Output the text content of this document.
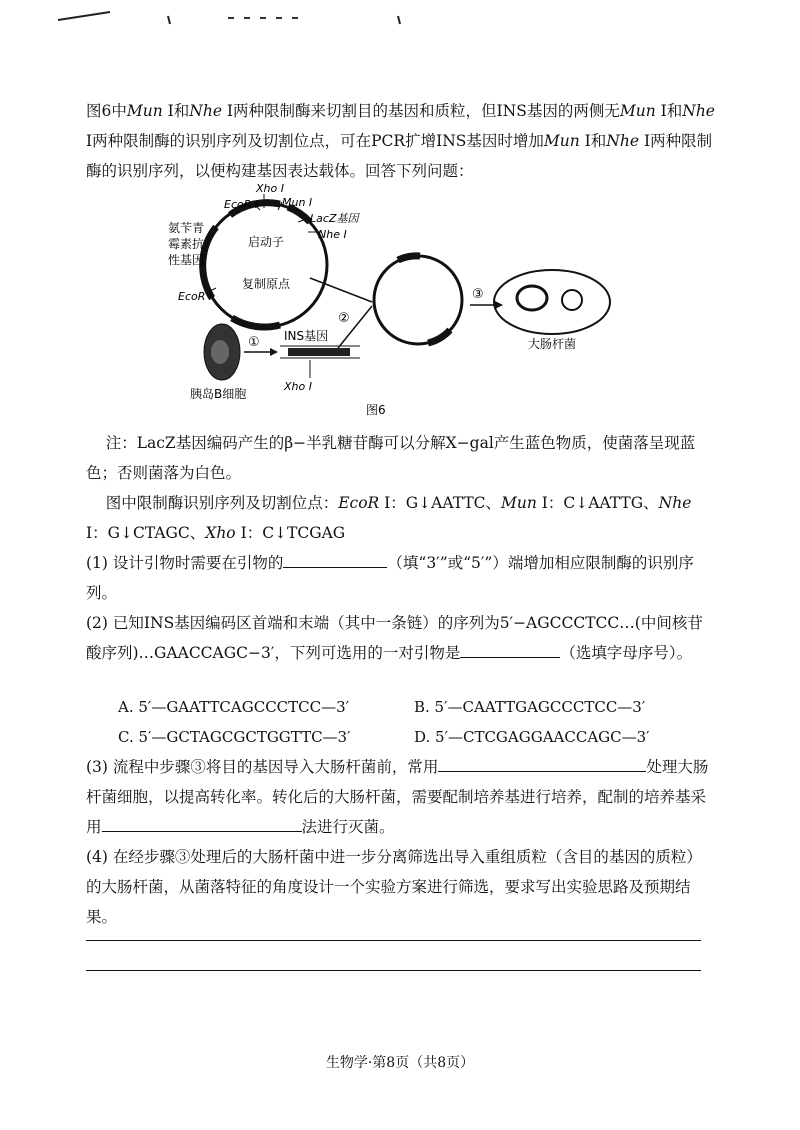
图6中Mun Ⅰ和Nhe Ⅰ两种限制酶来切割目的基因和质粒，但INS基因的两侧无Mun Ⅰ和Nhe Ⅰ两种限制酶的识别序列及切割位点，可在PCR扩增INS基因时增加Mun Ⅰ和Nhe Ⅰ两种限制酶的识别序列，以便构建基因表达载体。回答下列问题：
Xho Ⅰ
EcoR Ⅰ Mun Ⅰ
LacZ基因
Nhe Ⅰ
氨苄青
霉素抗
性基因
启动子
复制原点
EcoR Ⅰ
②
③
大肠杆菌
胰岛B细胞
① INS基因
Xho Ⅰ
图6
注：LacZ基因编码产生的β−半乳糖苷酶可以分解X−gal产生蓝色物质，使菌落呈现蓝色；否则菌落为白色。
图中限制酶识别序列及切割位点：EcoR Ⅰ：G↓AATTC、Mun Ⅰ：C↓AATTG、Nhe Ⅰ：G↓CTAGC、Xho Ⅰ：C↓TCGAG
(1) 设计引物时需要在引物的	（填“3′”或“5′”）端增加相应限制酶的识别序列。
(2) 已知INS基因编码区首端和末端（其中一条链）的序列为5′−AGCCCTCC…(中间核苷酸序列)…GAACCAGC−3′，下列可选用的一对引物是	（选填字母序号）。
A. 5′—GAATTCAGCCCTCC—3′	B. 5′—CAATTGAGCCCTCC—3′
C. 5′—GCTAGCGCTGGTTC—3′	D. 5′—CTCGAGGAACCAGC—3′
(3) 流程中步骤③将目的基因导入大肠杆菌前，常用	处理大肠杆菌细胞，以提高转化率。转化后的大肠杆菌，需要配制培养基进行培养，配制的培养基采用	法进行灭菌。
(4) 在经步骤③处理后的大肠杆菌中进一步分离筛选出导入重组质粒（含目的基因的质粒）的大肠杆菌，从菌落特征的角度设计一个实验方案进行筛选，要求写出实验思路及预期结果。
生物学·第8页（共8页）
